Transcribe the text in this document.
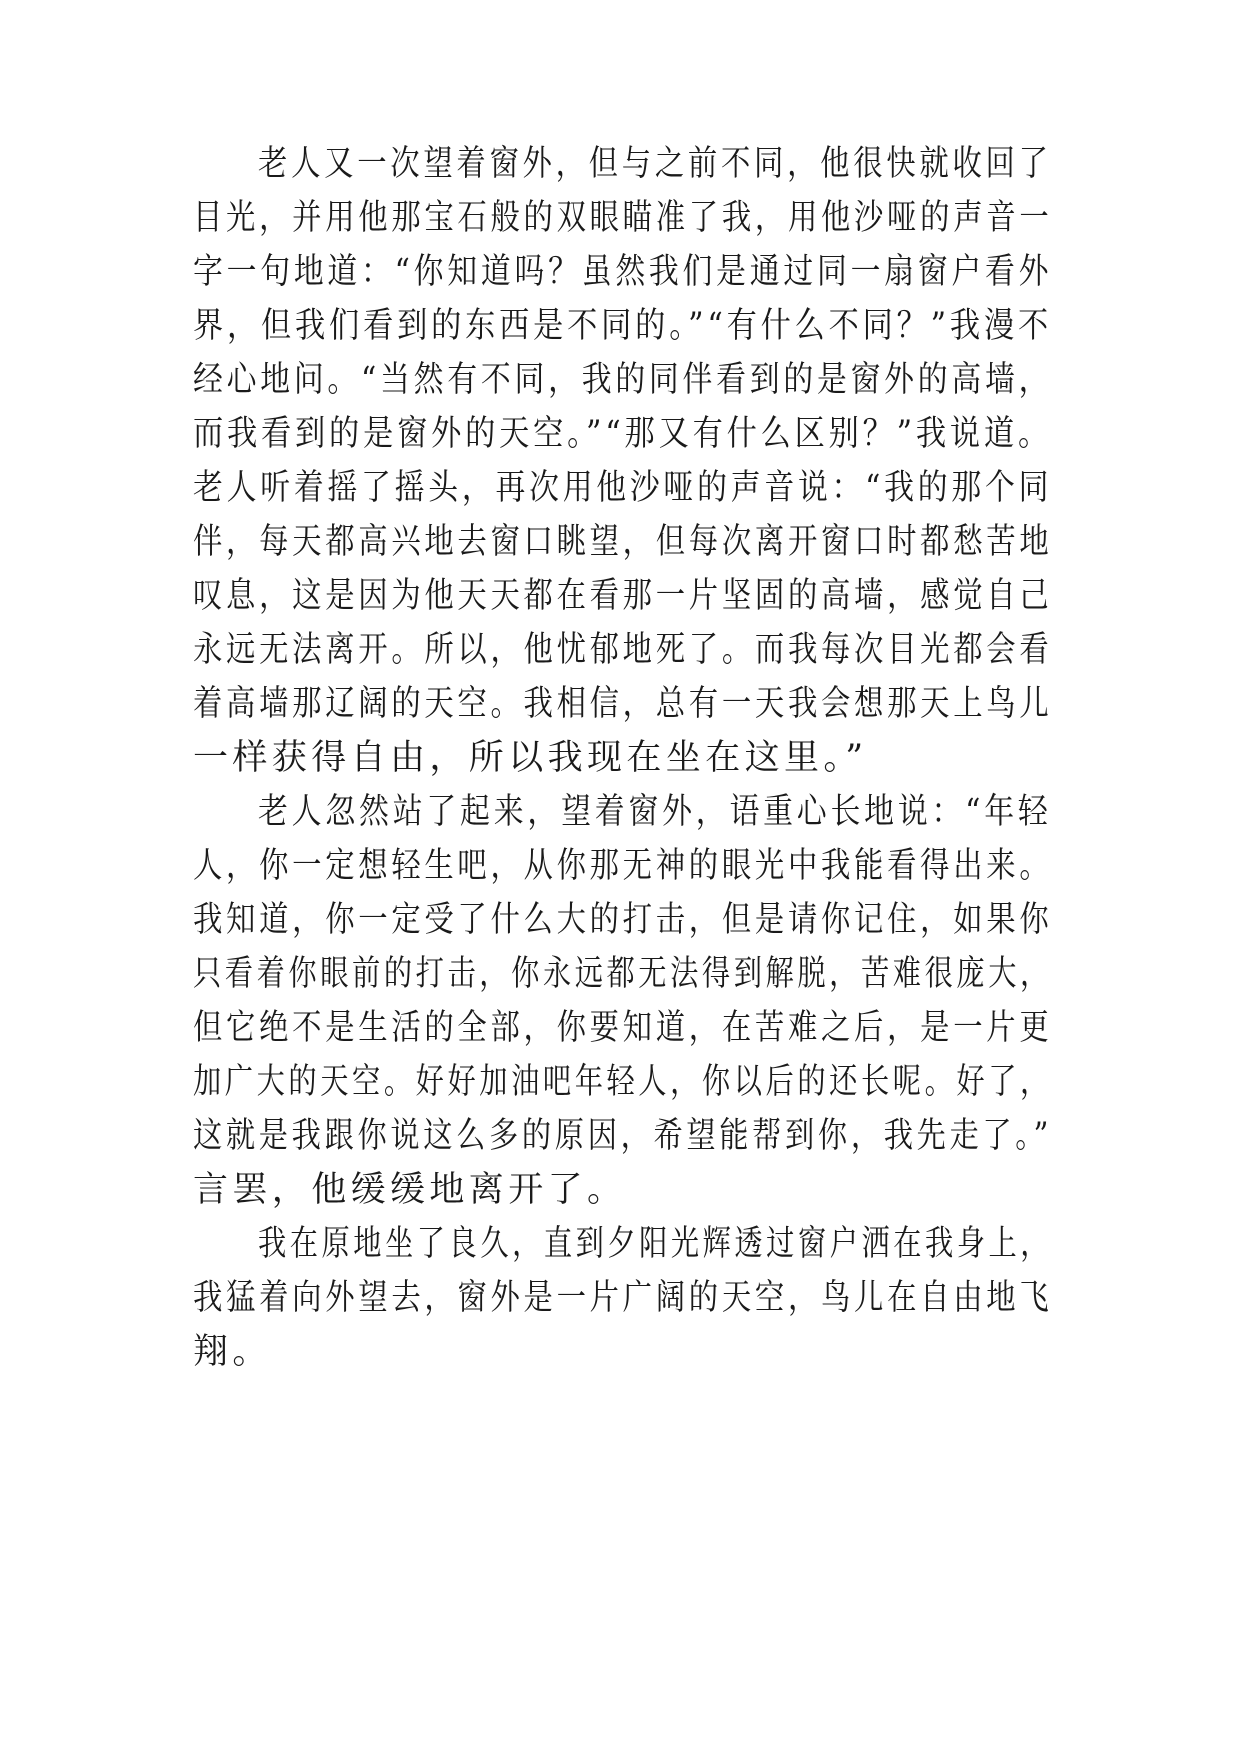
老人又一次望着窗外，但与之前不同，他很快就收回了

目光，并用他那宝石般的双眼瞄准了我，用他沙哑的声音一

字一句地道：“你知道吗？虽然我们是通过同一扇窗户看外

界，但我们看到的东西是不同的。”“有什么不同？”我漫不

经心地问。“当然有不同，我的同伴看到的是窗外的高墙，

而我看到的是窗外的天空。”“那又有什么区别？”我说道。

老人听着摇了摇头，再次用他沙哑的声音说：“我的那个同

伴，每天都高兴地去窗口眺望，但每次离开窗口时都愁苦地

叹息，这是因为他天天都在看那一片坚固的高墙，感觉自己

永远无法离开。所以，他忧郁地死了。而我每次目光都会看

着高墙那辽阔的天空。我相信，总有一天我会想那天上鸟儿

一样获得自由，所以我现在坐在这里。”

老人忽然站了起来，望着窗外，语重心长地说：“年轻

人，你一定想轻生吧，从你那无神的眼光中我能看得出来。

我知道，你一定受了什么大的打击，但是请你记住，如果你

只看着你眼前的打击，你永远都无法得到解脱，苦难很庞大，

但它绝不是生活的全部，你要知道，在苦难之后，是一片更

加广大的天空。好好加油吧年轻人，你以后的还长呢。好了，

这就是我跟你说这么多的原因，希望能帮到你，我先走了。”

言罢，他缓缓地离开了。

我在原地坐了良久，直到夕阳光辉透过窗户洒在我身上，

我猛着向外望去，窗外是一片广阔的天空，鸟儿在自由地飞

翔。
